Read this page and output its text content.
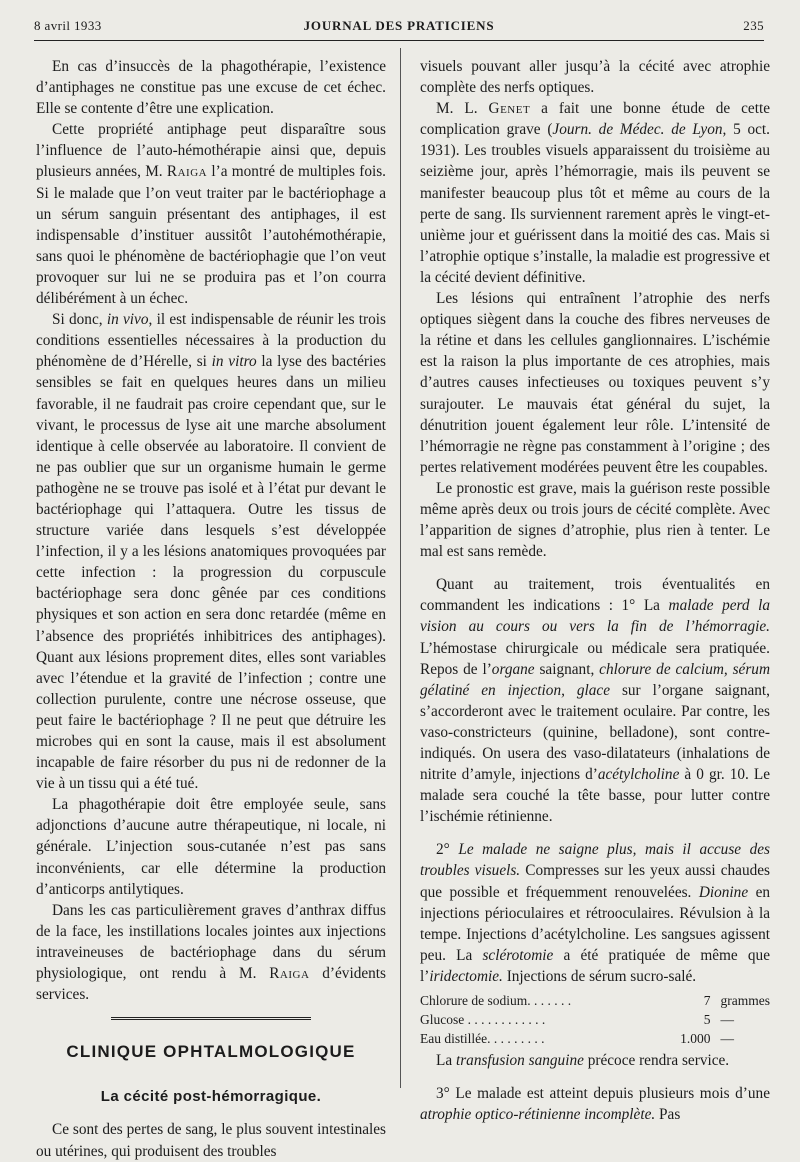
8 avril 1933	JOURNAL DES PRATICIENS	235

En cas d’insuccès de la phagothérapie, l’existence d’antiphages ne constitue pas une excuse de cet échec. Elle se contente d’être une explication.

Cette propriété antiphage peut disparaître sous l’influence de l’auto-hémothérapie ainsi que, depuis plusieurs années, M. Raiga l’a montré de multiples fois. Si le malade que l’on veut traiter par le bactériophage a un sérum sanguin présentant des antiphages, il est indispensable d’instituer aussitôt l’autohémothérapie, sans quoi le phénomène de bactériophagie que l’on veut provoquer sur lui ne se produira pas et l’on courra délibérément à un échec.

Si donc, in vivo, il est indispensable de réunir les trois conditions essentielles nécessaires à la production du phénomène de d’Hérelle, si in vitro la lyse des bactéries sensibles se fait en quelques heures dans un milieu favorable, il ne faudrait pas croire cependant que, sur le vivant, le processus de lyse ait une marche absolument identique à celle observée au laboratoire. Il convient de ne pas oublier que sur un organisme humain le germe pathogène ne se trouve pas isolé et à l’état pur devant le bactériophage qui l’attaquera. Outre les tissus de structure variée dans lesquels s’est développée l’infection, il y a les lésions anatomiques provoquées par cette infection : la progression du corpuscule bactériophage sera donc gênée par ces conditions physiques et son action en sera donc retardée (même en l’absence des propriétés inhibitrices des antiphages). Quant aux lésions proprement dites, elles sont variables avec l’étendue et la gravité de l’infection ; contre une collection purulente, contre une nécrose osseuse, que peut faire le bactériophage ? Il ne peut que détruire les microbes qui en sont la cause, mais il est absolument incapable de faire résorber du pus ni de redonner de la vie à un tissu qui a été tué.

La phagothérapie doit être employée seule, sans adjonctions d’aucune autre thérapeutique, ni locale, ni générale. L’injection sous-cutanée n’est pas sans inconvénients, car elle détermine la production d’anticorps antilytiques.

Dans les cas particulièrement graves d’anthrax diffus de la face, les instillations locales jointes aux injections intraveineuses de bactériophage dans du sérum physiologique, ont rendu à M. Raiga d’évidents services.

CLINIQUE OPHTALMOLOGIQUE
La cécité post-hémorragique.

Ce sont des pertes de sang, le plus souvent intestinales ou utérines, qui produisent des troubles

visuels pouvant aller jusqu’à la cécité avec atrophie complète des nerfs optiques.

M. L. Genet a fait une bonne étude de cette complication grave (Journ. de Médec. de Lyon, 5 oct. 1931). Les troubles visuels apparaissent du troisième au seizième jour, après l’hémorragie, mais ils peuvent se manifester beaucoup plus tôt et même au cours de la perte de sang. Ils surviennent rarement après le vingt-et-unième jour et guérissent dans la moitié des cas. Mais si l’atrophie optique s’installe, la maladie est progressive et la cécité devient définitive.

Les lésions qui entraînent l’atrophie des nerfs optiques siègent dans la couche des fibres nerveuses de la rétine et dans les cellules ganglionnaires. L’ischémie est la raison la plus importante de ces atrophies, mais d’autres causes infectieuses ou toxiques peuvent s’y surajouter. Le mauvais état général du sujet, la dénutrition jouent également leur rôle. L’intensité de l’hémorragie ne règne pas constamment à l’origine ; des pertes relativement modérées peuvent être les coupables.

Le pronostic est grave, mais la guérison reste possible même après deux ou trois jours de cécité complète. Avec l’apparition de signes d’atrophie, plus rien à tenter. Le mal est sans remède.

Quant au traitement, trois éventualités en commandent les indications : 1° La malade perd la vision au cours ou vers la fin de l’hémorragie. L’hémostase chirurgicale ou médicale sera pratiquée. Repos de l’organe saignant, chlorure de calcium, sérum gélatiné en injection, glace sur l’organe saignant, s’accorderont avec le traitement oculaire. Par contre, les vaso-constricteurs (quinine, belladone), sont contre-indiqués. On usera des vaso-dilatateurs (inhalations de nitrite d’amyle, injections d’acétylcholine à 0 gr. 10. Le malade sera couché la tête basse, pour lutter contre l’ischémie rétinienne.

2° Le malade ne saigne plus, mais il accuse des troubles visuels. Compresses sur les yeux aussi chaudes que possible et fréquemment renouvelées. Dionine en injections périoculaires et rétrooculaires. Révulsion à la tempe. Injections d’acétylcholine. Les sangsues agissent peu. La sclérotomie a été pratiquée de même que l’iridectomie. Injections de sérum sucro-salé.

Chlorure de sodium. . . . . . .	7	grammes
Glucose . . . . . . . . . . . .	5	—
Eau distillée. . . . . . . . .	1.000	—

La transfusion sanguine précoce rendra service.

3° Le malade est atteint depuis plusieurs mois d’une atrophie optico-rétinienne incomplète. Pas
